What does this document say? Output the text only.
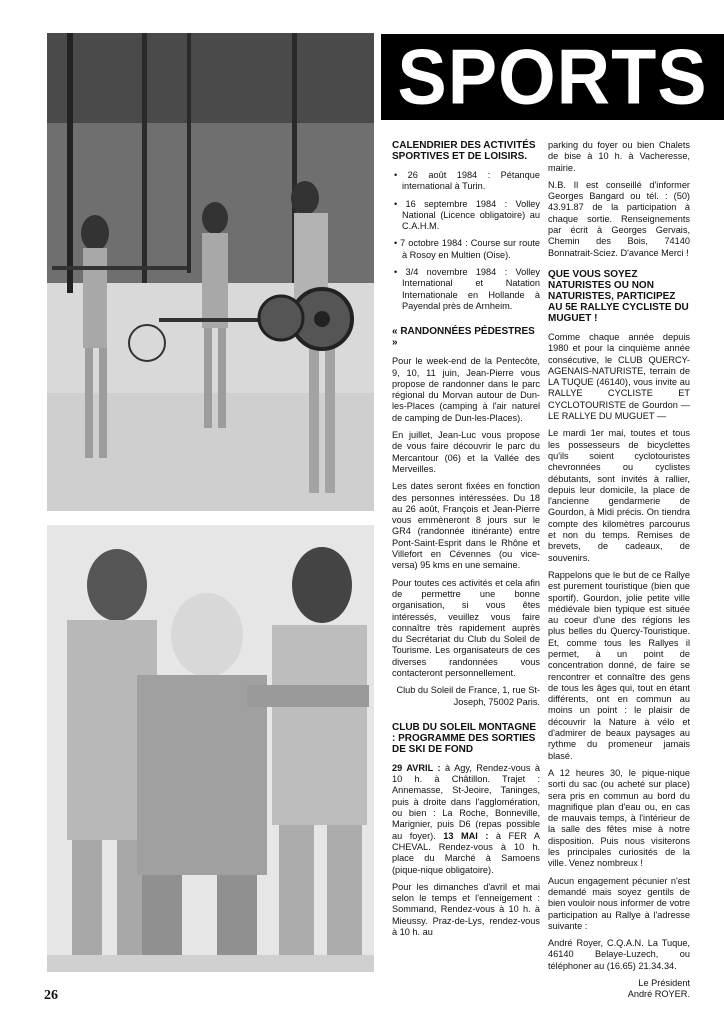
SPORTS
CALENDRIER DES ACTIVITÉS SPORTIVES ET DE LOISIRS.

• 26 août 1984 : Pétanque international à Turin.

• 16 septembre 1984 : Volley National (Licence obligatoire) au C.A.H.M.

• 7 octobre 1984 : Course sur route à Rosoy en Multien (Oise).

• 3/4 novembre 1984 : Volley International et Natation Internationale en Hollande à Payendal près de Arnheim.

« RANDONNÉES PÉDESTRES »

Pour le week-end de la Pentecôte, 9, 10, 11 juin, Jean-Pierre vous propose de randonner dans le parc régional du Morvan autour de Dun-les-Places (camping à l'air naturel de camping de Dun-les-Places).

En juillet, Jean-Luc vous propose de vous faire découvrir le parc du Mercantour (06) et la Vallée des Merveilles.

Les dates seront fixées en fonction des personnes intéressées. Du 18 au 26 août, François et Jean-Pierre vous emmèneront 8 jours sur le GR4 (randonnée itinérante) entre Pont-Saint-Esprit dans le Rhône et Villefort en Cévennes (ou vice-versa) 95 kms en une semaine.

Pour toutes ces activités et cela afin de permettre une bonne organisation, si vous êtes intéressés, veuillez vous faire connaître très rapidement auprès du Secrétariat du Club du Soleil de Tourisme. Les organisateurs de ces diverses randonnées vous contacteront personnellement.

Club du Soleil de France, 1, rue St-Joseph, 75002 Paris.

CLUB DU SOLEIL MONTAGNE : PROGRAMME DES SORTIES DE SKI DE FOND

29 AVRIL : à Agy, Rendez-vous à 10 h. à Châtillon. Trajet : Annemasse, St-Jeoire, Taninges, puis à droite dans l'agglomération, ou bien : La Roche, Bonneville, Marignier, puis D6 (repas possible au foyer). 13 MAI : à FER A CHEVAL. Rendez-vous à 10 h. place du Marché à Samoens (pique-nique obligatoire).

Pour les dimanches d'avril et mai selon le temps et l'enneigement : Sommand, Rendez-vous à 10 h. à Mieussy. Praz-de-Lys, rendez-vous à 10 h. au

parking du foyer ou bien Chalets de bise à 10 h. à Vacheresse, mairie.

N.B. Il est conseillé d'informer Georges Bangard ou tél. : (50) 43.91.87 de la participation à chaque sortie. Renseignements par écrit à Georges Gervais, Chemin des Bois, 74140 Bonnatrait-Sciez. D'avance Merci !

QUE VOUS SOYEZ NATURISTES OU NON NATURISTES, PARTICIPEZ AU 5E RALLYE CYCLISTE DU MUGUET !

Comme chaque année depuis 1980 et pour la cinquième année consécutive, le CLUB QUERCY-AGENAIS-NATURISTE, terrain de LA TUQUE (46140), vous invite au RALLYE CYCLISTE ET CYCLOTOURISTE de Gourdon — LE RALLYE DU MUGUET —

Le mardi 1er mai, toutes et tous les possesseurs de bicyclettes qu'ils soient cyclotouristes chevronnées ou cyclistes débutants, sont invités à rallier, depuis leur domicile, la place de l'ancienne gendarmerie de Gourdon, à Midi précis. On tiendra compte des kilomètres parcourus et non du temps. Remises de brevets, de cadeaux, de souvenirs.

Rappelons que le but de ce Rallye est purement touristique (bien que sportif). Gourdon, jolie petite ville médiévale bien typique est située au coeur d'une des régions les plus belles du Quercy-Touristique. Et, comme tous les Rallyes il permet, à un point de concentration donné, de faire se rencontrer et connaître des gens de tous les âges qui, tout en étant différents, ont en commun au moins un point : le plaisir de découvrir la Nature à vélo et d'admirer de beaux paysages au rythme du promeneur jamais blasé.

A 12 heures 30, le pique-nique sorti du sac (ou acheté sur place) sera pris en commun au bord du magnifique plan d'eau ou, en cas de mauvais temps, à l'intérieur de la salle des fêtes mise à notre disposition. Puis nous visiterons les principales curiosités de la ville. Venez nombreux !

Aucun engagement pécunier n'est demandé mais soyez gentils de bien vouloir nous informer de votre participation au Rallye à l'adresse suivante :

André Royer, C.Q.A.N. La Tuque, 46140 Belaye-Luzech, ou téléphoner au (16.65) 21.34.34.

Le Président

André ROYER.

26
